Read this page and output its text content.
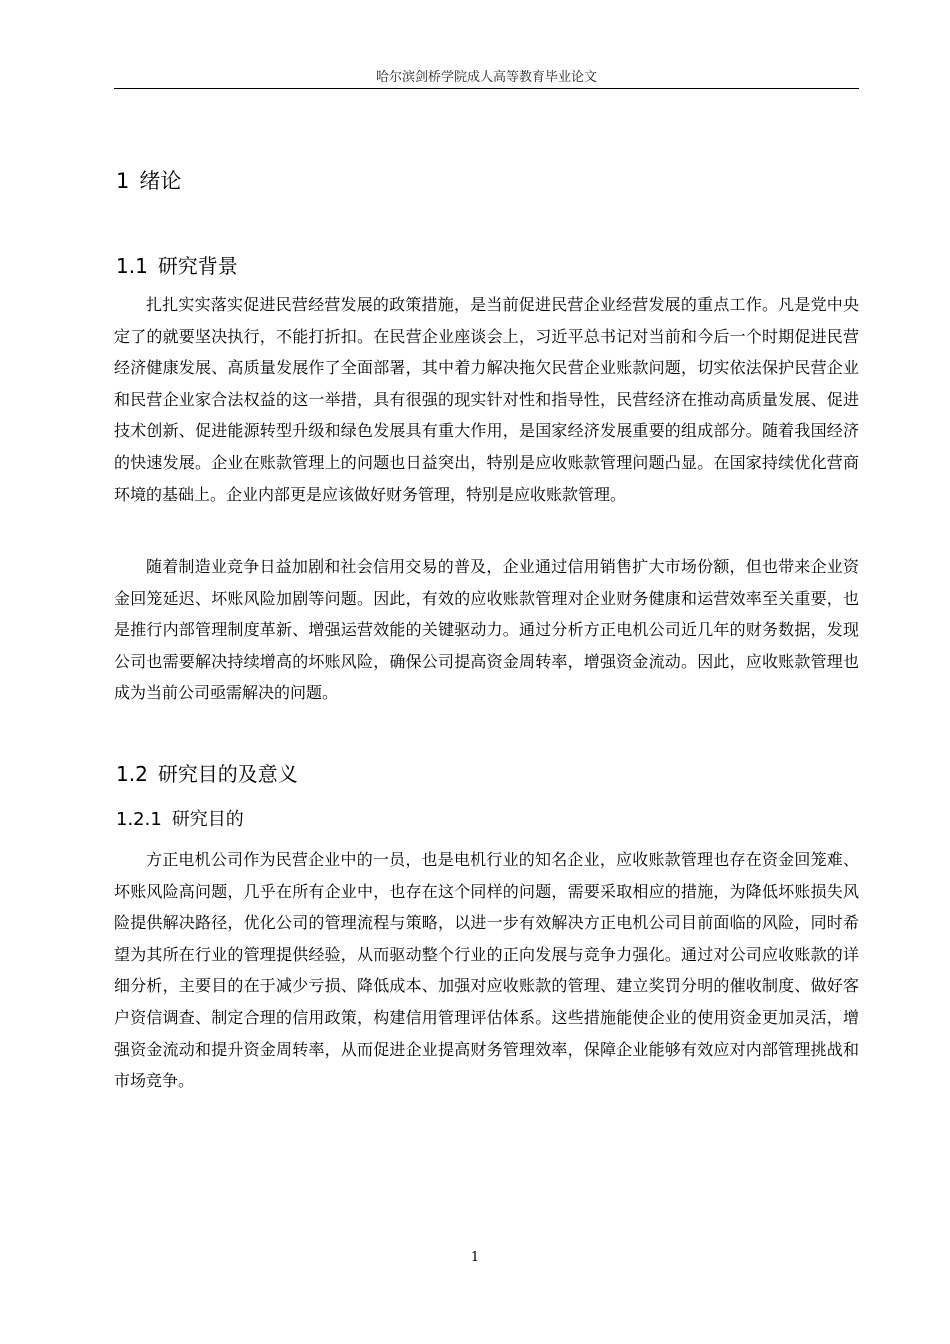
哈尔滨剑桥学院成人高等教育毕业论文
1 绪论
1.1 研究背景

扎扎实实落实促进民营经营发展的政策措施，是当前促进民营企业经营发展的重点工作。凡是党中央定了的就要坚决执行，不能打折扣。在民营企业座谈会上，习近平总书记对当前和今后一个时期促进民营经济健康发展、高质量发展作了全面部署，其中着力解决拖欠民营企业账款问题，切实依法保护民营企业和民营企业家合法权益的这一举措，具有很强的现实针对性和指导性，民营经济在推动高质量发展、促进技术创新、促进能源转型升级和绿色发展具有重大作用，是国家经济发展重要的组成部分。随着我国经济的快速发展。企业在账款管理上的问题也日益突出，特别是应收账款管理问题凸显。在国家持续优化营商环境的基础上。企业内部更是应该做好财务管理，特别是应收账款管理。

随着制造业竞争日益加剧和社会信用交易的普及，企业通过信用销售扩大市场份额，但也带来企业资金回笼延迟、坏账风险加剧等问题。因此，有效的应收账款管理对企业财务健康和运营效率至关重要，也是推行内部管理制度革新、增强运营效能的关键驱动力。通过分析方正电机公司近几年的财务数据，发现公司也需要解决持续增高的坏账风险，确保公司提高资金周转率，增强资金流动。因此，应收账款管理也成为当前公司亟需解决的问题。

1.2 研究目的及意义
1.2.1 研究目的

方正电机公司作为民营企业中的一员，也是电机行业的知名企业，应收账款管理也存在资金回笼难、坏账风险高问题，几乎在所有企业中，也存在这个同样的问题，需要采取相应的措施，为降低坏账损失风险提供解决路径，优化公司的管理流程与策略，以进一步有效解决方正电机公司目前面临的风险，同时希望为其所在行业的管理提供经验，从而驱动整个行业的正向发展与竞争力强化。通过对公司应收账款的详细分析，主要目的在于减少亏损、降低成本、加强对应收账款的管理、建立奖罚分明的催收制度、做好客户资信调查、制定合理的信用政策，构建信用管理评估体系。这些措施能使企业的使用资金更加灵活，增强资金流动和提升资金周转率，从而促进企业提高财务管理效率，保障企业能够有效应对内部管理挑战和市场竞争。

1
